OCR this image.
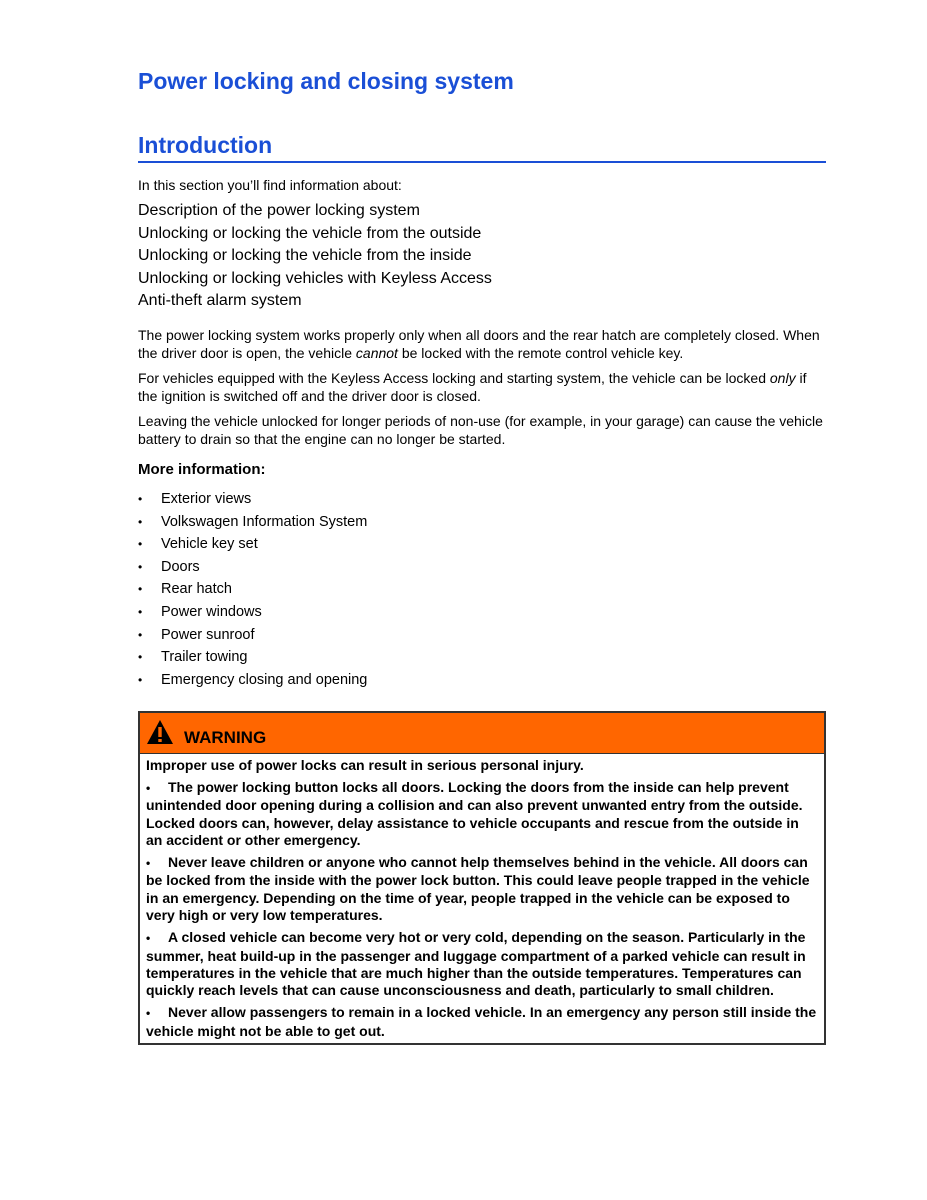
Power locking and closing system
Introduction

In this section you’ll find information about:

Description of the power locking system
Unlocking or locking the vehicle from the outside
Unlocking or locking the vehicle from the inside
Unlocking or locking vehicles with Keyless Access
Anti-theft alarm system

The power locking system works properly only when all doors and the rear hatch are completely closed. When the driver door is open, the vehicle cannot be locked with the remote control vehicle key.

For vehicles equipped with the Keyless Access locking and starting system, the vehicle can be locked only if the ignition is switched off and the driver door is closed.

Leaving the vehicle unlocked for longer periods of non-use (for example, in your garage) can cause the vehicle battery to drain so that the engine can no longer be started.

More information:
• Exterior views
• Volkswagen Information System
• Vehicle key set
• Doors
• Rear hatch
• Power windows
• Power sunroof
• Trailer towing
• Emergency closing and opening
WARNING

Improper use of power locks can result in serious personal injury.

• The power locking button locks all doors. Locking the doors from the inside can help prevent unintended door opening during a collision and can also prevent unwanted entry from the outside. Locked doors can, however, delay assistance to vehicle occupants and rescue from the outside in an accident or other emergency.

• Never leave children or anyone who cannot help themselves behind in the vehicle. All doors can be locked from the inside with the power lock button. This could leave people trapped in the vehicle in an emergency. Depending on the time of year, people trapped in the vehicle can be exposed to very high or very low temperatures.

• A closed vehicle can become very hot or very cold, depending on the season. Particularly in the summer, heat build-up in the passenger and luggage compartment of a parked vehicle can result in temperatures in the vehicle that are much higher than the outside temperatures. Temperatures can quickly reach levels that can cause unconsciousness and death, particularly to small children.

• Never allow passengers to remain in a locked vehicle. In an emergency any person still inside the vehicle might not be able to get out.
